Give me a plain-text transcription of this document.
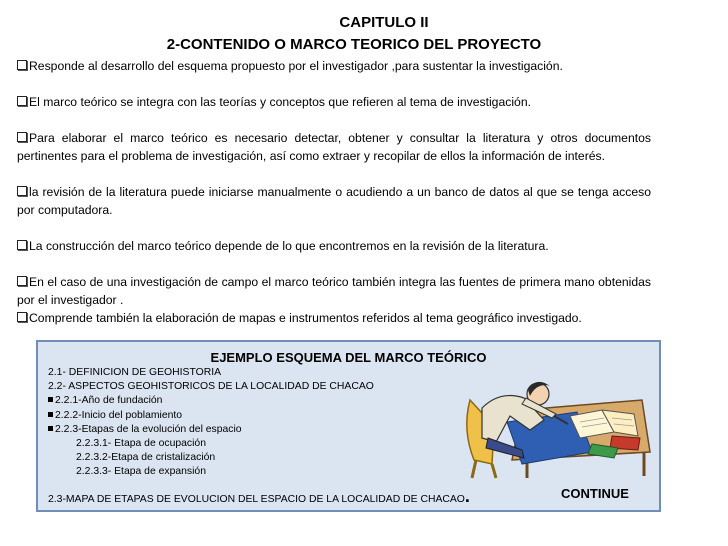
CAPITULO II
2-CONTENIDO O MARCO TEORICO DEL PROYECTO

Responde al desarrollo del esquema propuesto por el investigador ,para sustentar la investigación.

El marco teórico se integra con las teorías y conceptos que refieren al tema de investigación.

Para elaborar el marco teórico es necesario detectar, obtener y consultar la literatura y otros documentos pertinentes para el problema de investigación, así como extraer y recopilar de ellos la información de interés.

la revisión de la literatura puede iniciarse manualmente o acudiendo a un banco de datos al que se tenga acceso por computadora.

La construcción del marco teórico depende de lo que encontremos en la revisión de la literatura.

En el caso de una investigación de campo el marco teórico también integra las fuentes de primera mano obtenidas por el investigador .

Comprende también la elaboración de mapas e instrumentos referidos al tema geográfico investigado.

EJEMPLO ESQUEMA DEL MARCO TEÓRICO
2.1- DEFINICION DE GEOHISTORIA
2.2- ASPECTOS GEOHISTORICOS DE LA LOCALIDAD DE CHACAO
2.2.1-Año de fundación
2.2.2-Inicio del poblamiento
2.2.3-Etapas de la evolución del espacio
2.2.3.1- Etapa de ocupación
2.2.3.2-Etapa de cristalización
2.2.3.3- Etapa de expansión
2.3-MAPA DE ETAPAS DE EVOLUCION DEL ESPACIO DE LA LOCALIDAD DE CHACAO.	CONTINUE
